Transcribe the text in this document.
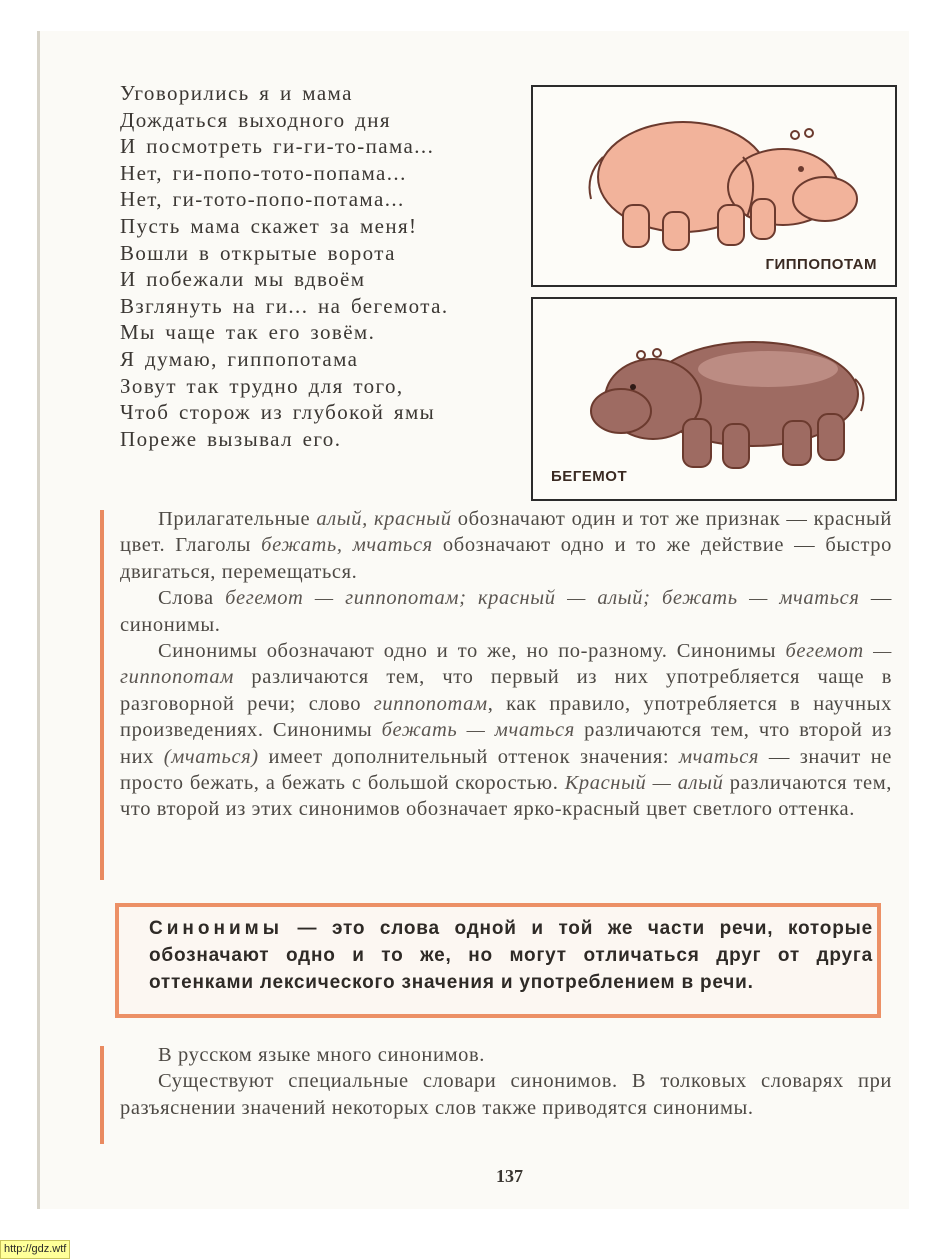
Уговорились я и мама
Дождаться выходного дня
И посмотреть ги-ги-то-пама...
Нет, ги-попо-тото-попама...
Нет, ги-тото-попо-потама...
Пусть мама скажет за меня!
Вошли в открытые ворота
И побежали мы вдвоём
Взглянуть на ги... на бегемота.
Мы чаще так его зовём.
Я думаю, гиппопотама
Зовут так трудно для того,
Чтоб сторож из глубокой ямы
Пореже вызывал его.
ГИППОПОТАМ
БЕГЕМОТ
Прилагательные алый, красный обозначают один и тот же признак — красный цвет. Глаголы бежать, мчаться обозначают одно и то же действие — быстро двигаться, перемещаться.
Слова бегемот — гиппопотам; красный — алый; бежать — мчаться — синонимы.
Синонимы обозначают одно и то же, но по-разному. Синонимы бегемот — гиппопотам различаются тем, что первый из них употребляется чаще в разговорной речи; слово гиппопотам, как правило, употребляется в научных произведениях. Синонимы бежать — мчаться различаются тем, что второй из них (мчаться) имеет дополнительный оттенок значения: мчаться — значит не просто бежать, а бежать с большой скоростью. Красный — алый различаются тем, что второй из этих синонимов обозначает ярко-красный цвет светлого оттенка.
Синонимы — это слова одной и той же части речи, которые обозначают одно и то же, но могут отличаться друг от друга оттенками лексического значения и употреблением в речи.
В русском языке много синонимов.
Существуют специальные словари синонимов. В толковых словарях при разъяснении значений некоторых слов также приводятся синонимы.
137
http://gdz.wtf
